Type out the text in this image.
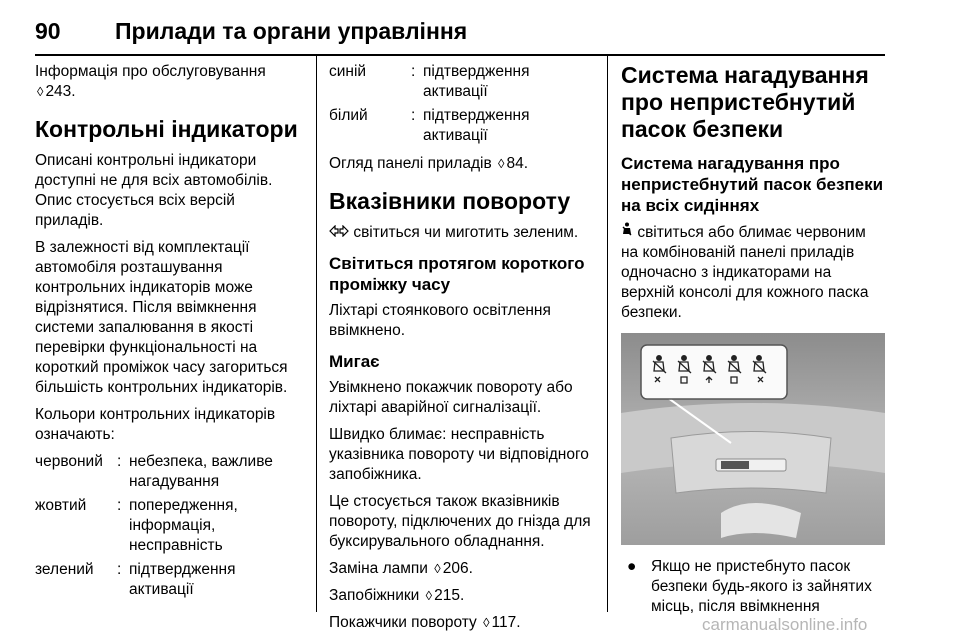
90 Прилади та органи управління

Інформація про обслуговування
◊ 243.

Контрольні індикатори

Описані контрольні індикатори доступні не для всіх автомобілів. Опис стосується всіх версій приладів.

В залежності від комплектації автомобіля розташування контрольних індикаторів може відрізнятися. Після ввімкнення системи запалювання в якості перевірки функціональності на короткий проміжок часу загориться більшість контрольних індикаторів.

Кольори контрольних індикаторів означають:

червоний : небезпека, важливе нагадування
жовтий : попередження, інформація, несправність
зелений : підтвердження активації
синій	: підтвердження активації
білий	: підтвердження активації

Огляд панелі приладів ◊ 84.

Вказівники повороту

світиться чи миготить зеленим.

Світиться протягом короткого проміжку часу

Ліхтарі стоянкового освітлення ввімкнено.

Мигає

Увімкнено покажчик повороту або ліхтарі аварійної сигналізації.

Швидко блимає: несправність указівника повороту чи відповідного запобіжника.

Це стосується також вказівників повороту, підключених до гнізда для буксирувального обладнання.

Заміна лампи ◊ 206.

Запобіжники ◊ 215.

Покажчики повороту ◊ 117.

Система нагадування про непристебнутий пасок безпеки
Система нагадування про непристебнутий пасок безпеки на всіх сидіннях

світиться або блимає червоним на комбінованій панелі приладів одночасно з індикаторами на верхній консолі для кожного паска безпеки.

● Якщо не пристебнуто пасок безпеки будь-якого із зайнятих місць, після ввімкнення

carmanualsonline.info
